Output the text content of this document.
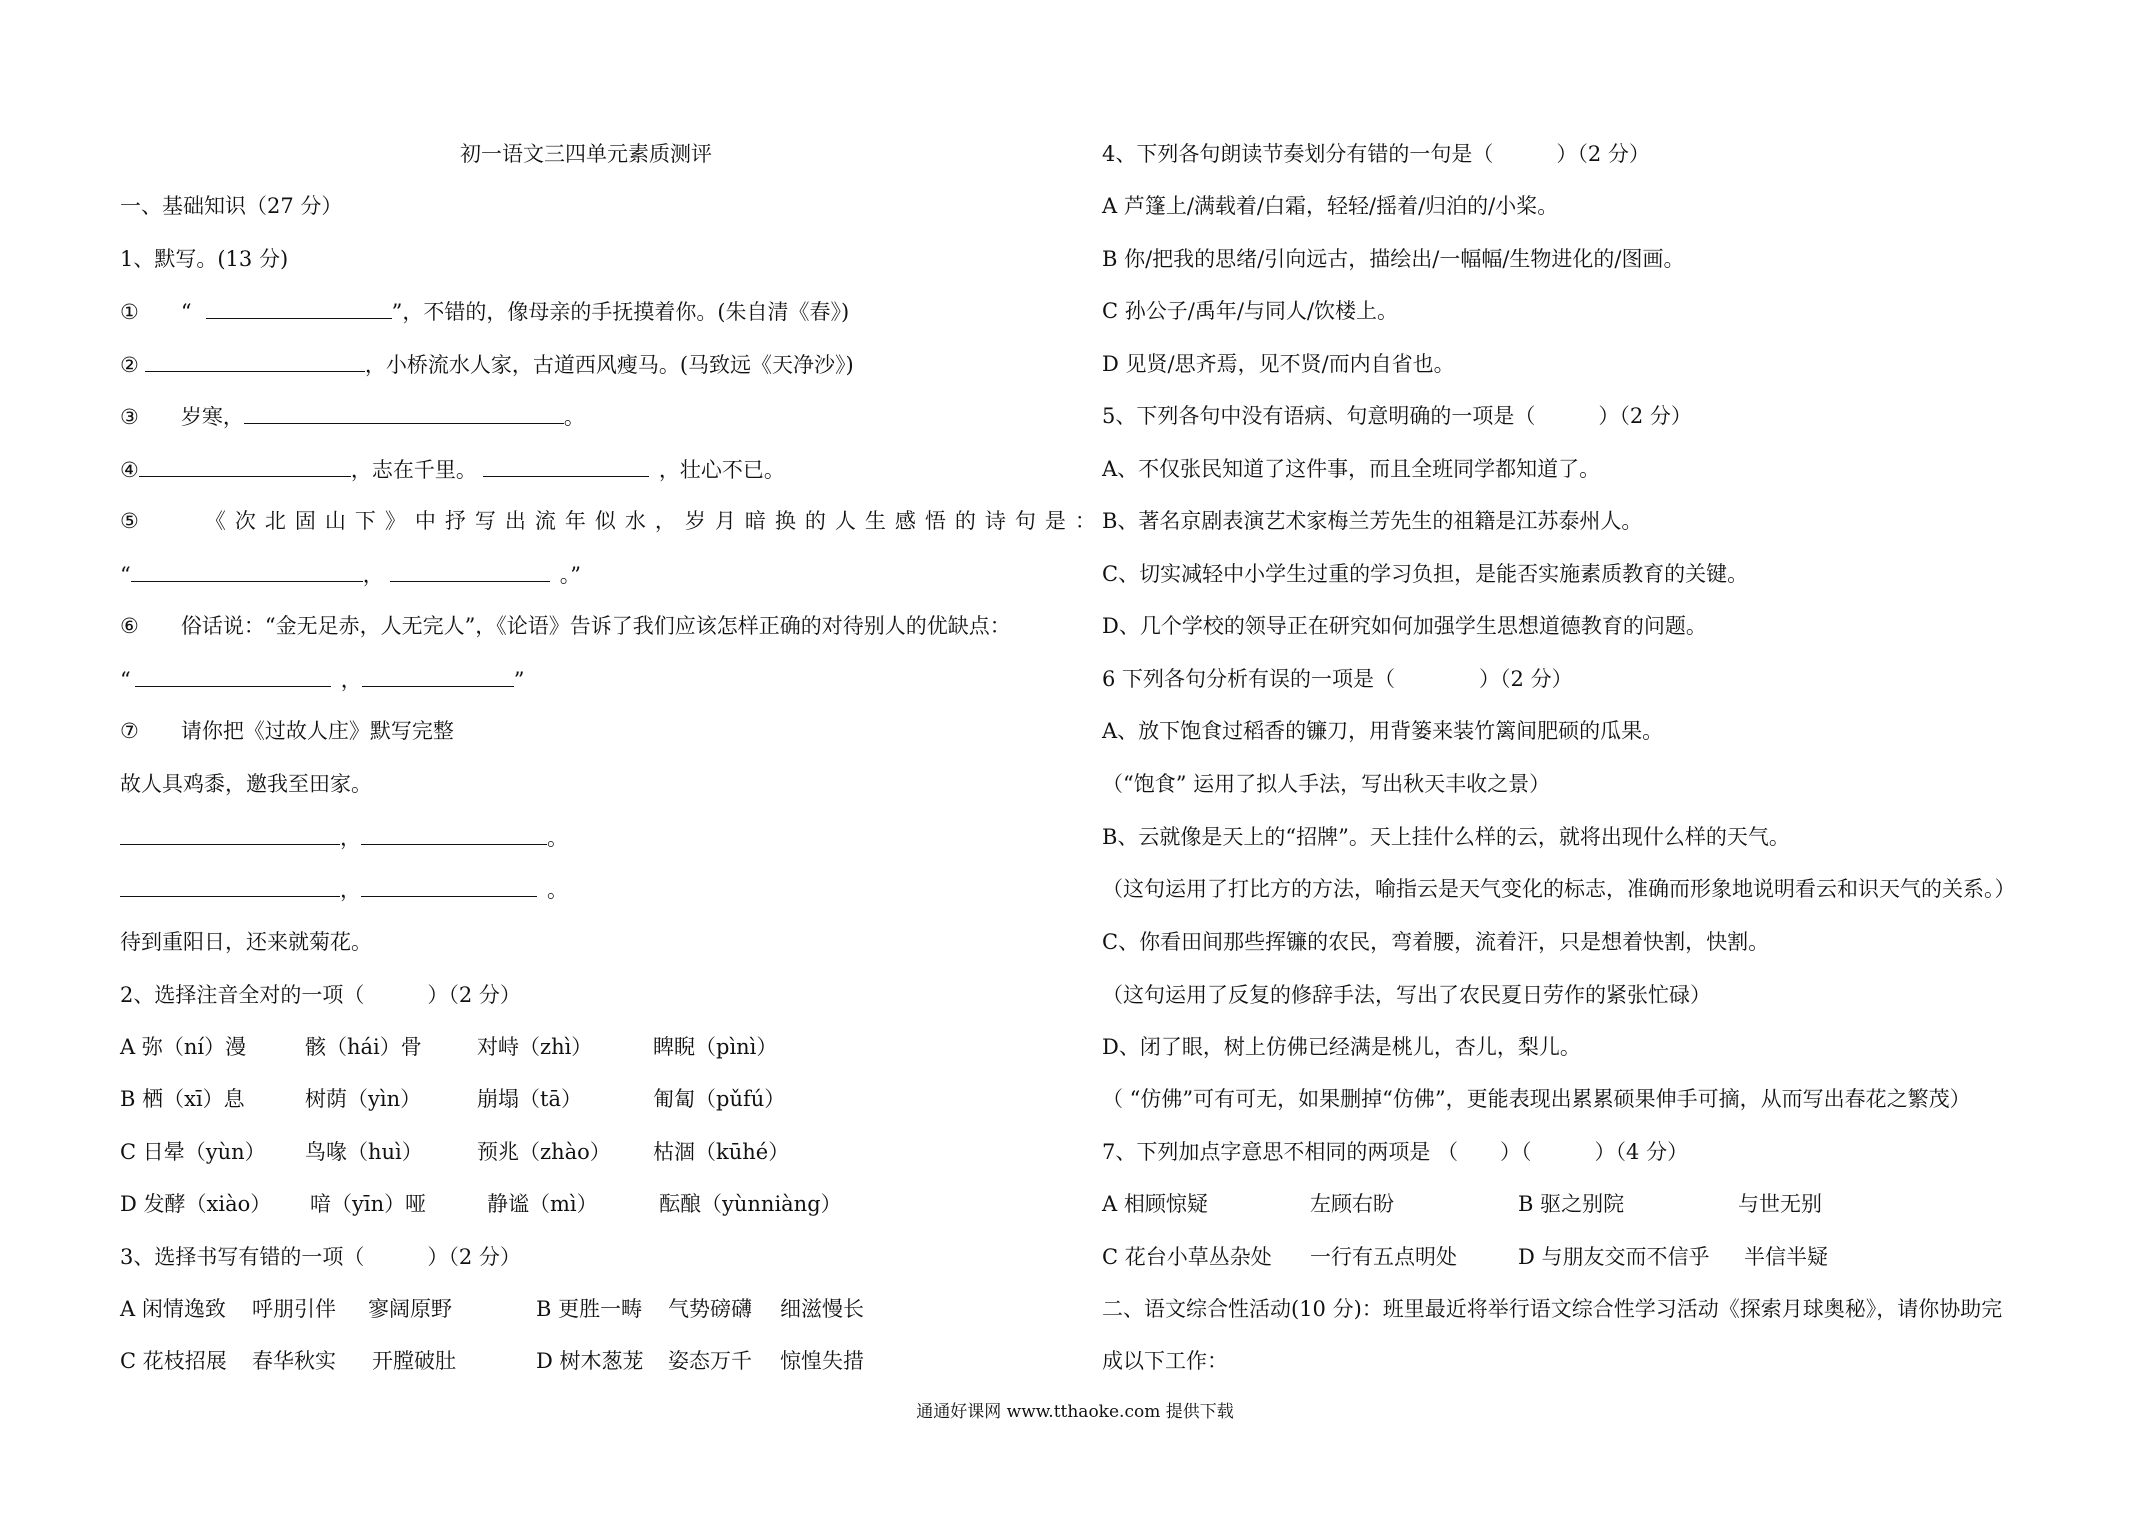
初一语文三四单元素质测评
一、基础知识（27 分）
1、默写。(13 分)
① “	”，不错的，像母亲的手抚摸着你。(朱自清《春》)
②	，小桥流水人家，古道西风瘦马。(马致远《天净沙》)
③ 岁寒，	。
④	，志在千里。	，壮心不已。
⑤	《次北固山下》中抒写出流年似水，岁月暗换的人生感悟的诗句是：
“	，	。”
⑥ 俗话说：“金无足赤，人无完人”，《论语》告诉了我们应该怎样正确的对待别人的优缺点：
“	，	”
⑦ 请你把《过故人庄》默写完整
故人具鸡黍，邀我至田家。
，	。
，	。
待到重阳日，还来就菊花。
2、选择注音全对的一项（　　　）（2 分）
A 弥（ní）漫	骸（hái）骨	对峙（zhì）	睥睨（pìnì）
B 栖（xī）息	树荫（yìn）	崩塌（tā）	匍匐（pǔfú）
C 日晕（yùn） 鸟喙（huì）	预兆（zhào） 枯涸（kūhé）
D 发酵（xiào） 喑（yīn）哑	静谧（mì）	酝酿（yùnniàng）
3、选择书写有错的一项（　　　）（2 分）
A 闲情逸致 呼朋引伴 寥阔原野	B 更胜一畴 气势磅礴 细滋慢长
C 花枝招展 春华秋实 开膛破肚	D 树木葱茏 姿态万千 惊惶失措
4、下列各句朗读节奏划分有错的一句是（　　　）（2 分）
A 芦篷上/满载着/白霜，轻轻/摇着/归泊的/小桨。
B 你/把我的思绪/引向远古，描绘出/一幅幅/生物进化的/图画。
C 孙公子/禹年/与同人/饮楼上。
D 见贤/思齐焉，见不贤/而内自省也。
5、下列各句中没有语病、句意明确的一项是（　　　）（2 分）
A、不仅张民知道了这件事，而且全班同学都知道了。
B、著名京剧表演艺术家梅兰芳先生的祖籍是江苏泰州人。
C、切实减轻中小学生过重的学习负担，是能否实施素质教育的关键。
D、几个学校的领导正在研究如何加强学生思想道德教育的问题。
6 下列各句分析有误的一项是（　　　　）（2 分）
A、放下饱食过稻香的镰刀，用背篓来装竹篱间肥硕的瓜果。
（“饱食” 运用了拟人手法，写出秋天丰收之景）
B、云就像是天上的“招牌”。天上挂什么样的云，就将出现什么样的天气。
（这句运用了打比方的方法，喻指云是天气变化的标志，准确而形象地说明看云和识天气的关系。）
C、你看田间那些挥镰的农民，弯着腰，流着汗，只是想着快割，快割。
（这句运用了反复的修辞手法，写出了农民夏日劳作的紧张忙碌）
D、闭了眼，树上仿佛已经满是桃儿，杏儿，梨儿。
（ “仿佛”可有可无，如果删掉“仿佛”，更能表现出累累硕果伸手可摘，从而写出春花之繁茂）
7、下列加点字意思不相同的两项是 （　　）（　　　）（4 分）
A 相顾惊疑	左顾右盼	B 驱之别院	与世无别
C 花台小草丛杂处 一行有五点明处	D 与朋友交而不信乎 半信半疑
二、语文综合性活动(10 分)：班里最近将举行语文综合性学习活动《探索月球奥秘》，请你协助完
成以下工作：
通通好课网 www.tthaoke.com 提供下载
